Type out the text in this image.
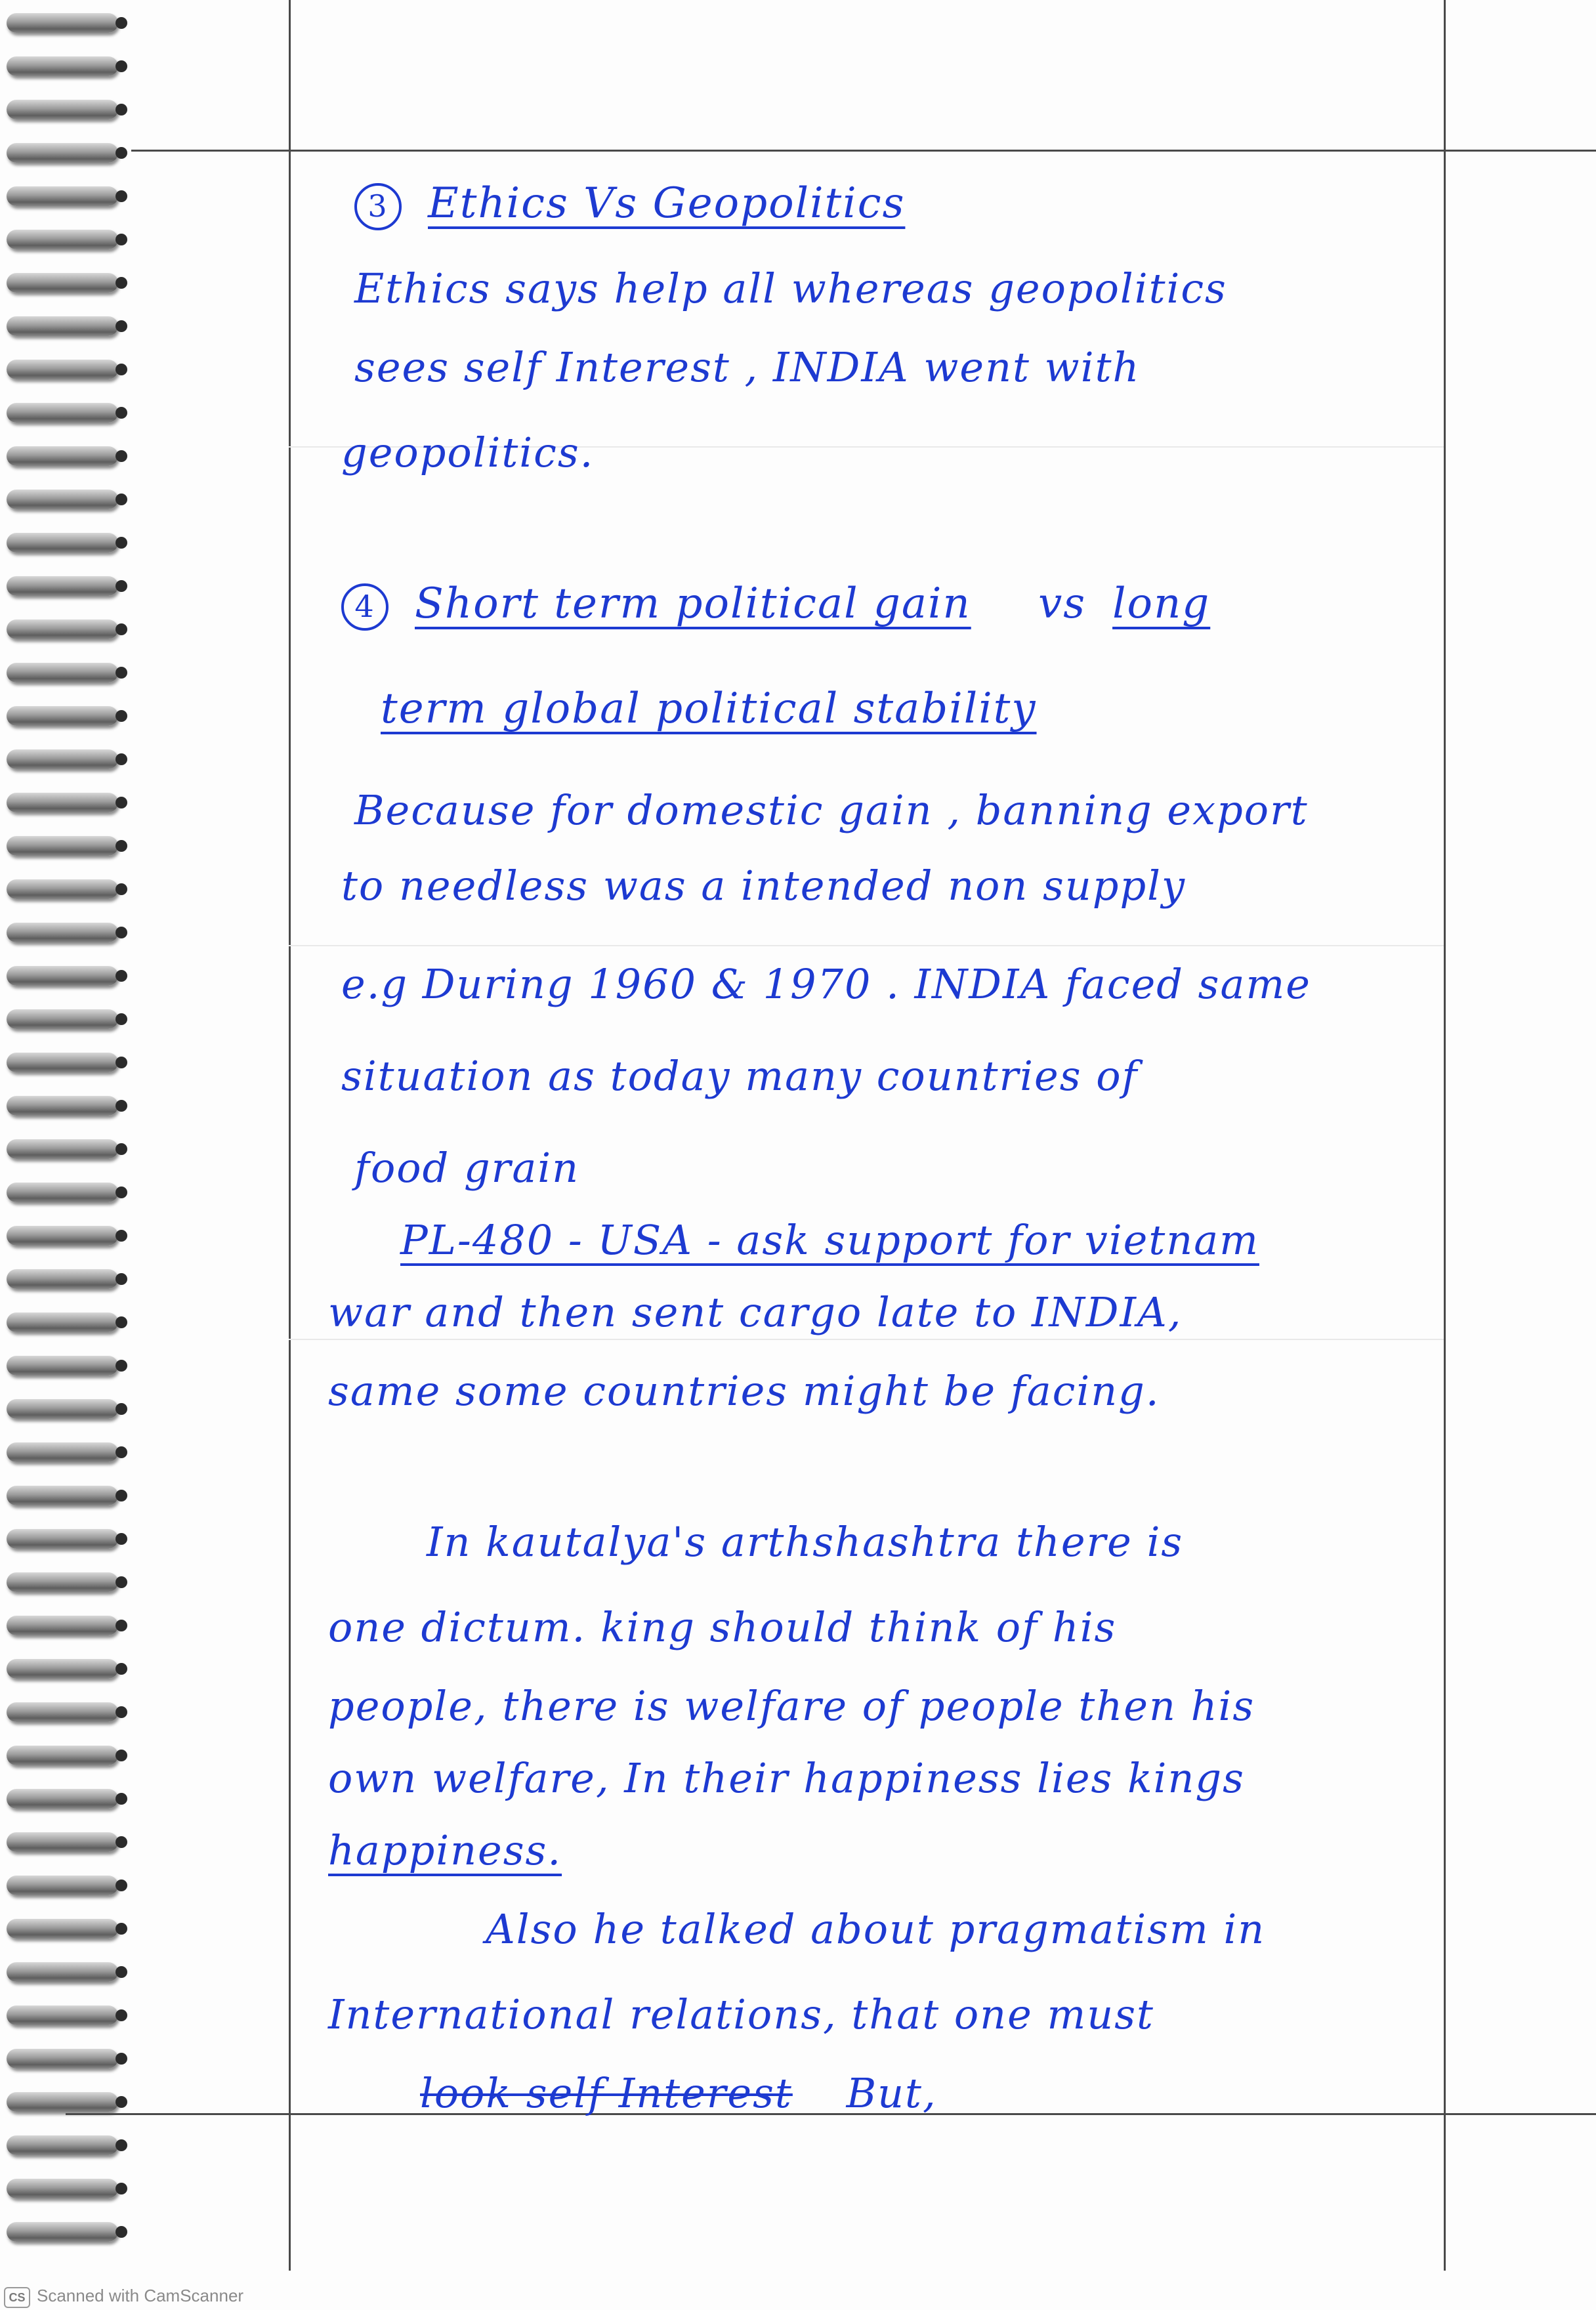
3 Ethics Vs Geopolitics
Ethics says help all whereas geopolitics
sees self Interest , INDIA went with
geopolitics.
4 Short term political gain vs long
term global political stability
Because for domestic gain , banning export
to needless was a intended non supply
e.g During 1960 & 1970 . INDIA faced same
situation as today many countries of
food grain
PL-480 - USA - ask support for vietnam
war and then sent cargo late to INDIA,
same some countries might be facing.
In kautalya's arthshashtra there is
one dictum. king should think of his
people, there is welfare of people then his
own welfare, In their happiness lies kings
happiness.
Also he talked about pragmatism in
International relations, that one must
look self Interest But,
CS Scanned with CamScanner
